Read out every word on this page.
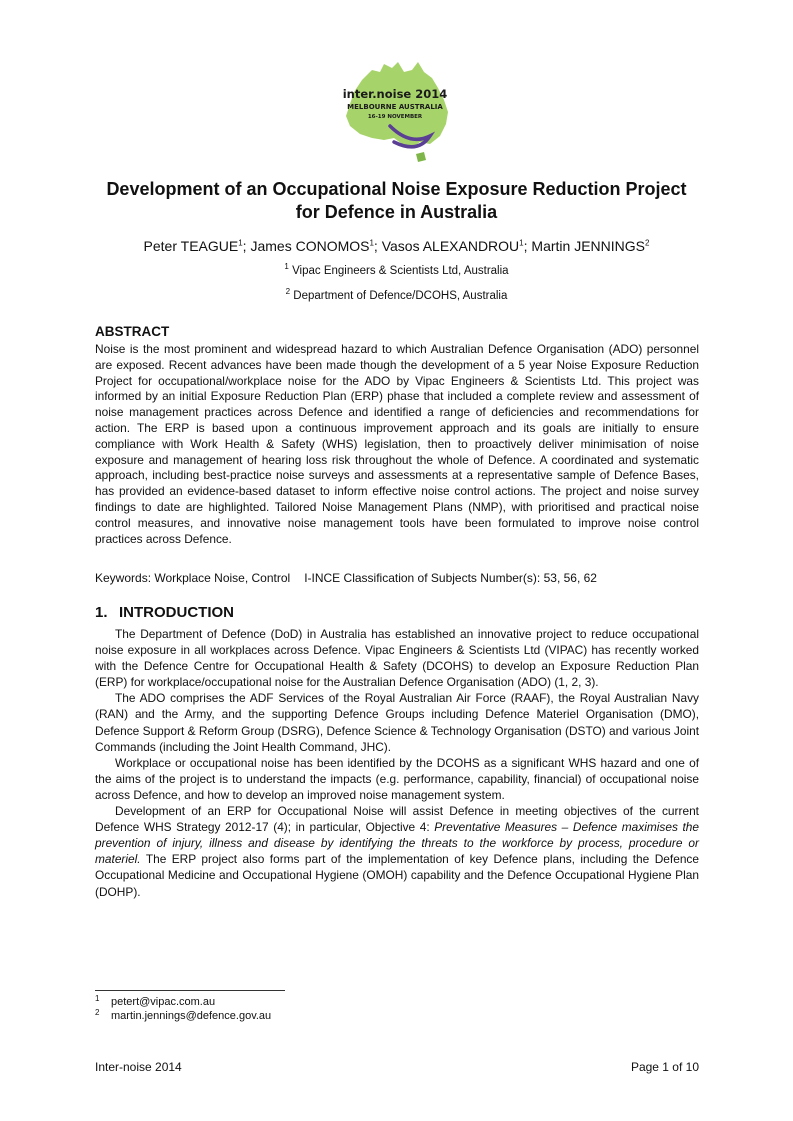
inter.noise 2014
MELBOURNE AUSTRALIA
16-19 NOVEMBER
Development of an Occupational Noise Exposure Reduction Project
for Defence in Australia
Peter TEAGUE$^1$; James CONOMOS$^1$; Vasos ALEXANDROU$^1$; Martin JENNINGS$^2$
$^1$ Vipac Engineers & Scientists Ltd, Australia
$^2$ Department of Defence/DCOHS, Australia
ABSTRACT

Noise is the most prominent and widespread hazard to which Australian Defence Organisation (ADO) personnel are exposed. Recent advances have been made though the development of a 5 year Noise Exposure Reduction Project for occupational/workplace noise for the ADO by Vipac Engineers & Scientists Ltd. This project was informed by an initial Exposure Reduction Plan (ERP) phase that included a complete review and assessment of noise management practices across Defence and identified a range of deficiencies and recommendations for action. The ERP is based upon a continuous improvement approach and its goals are initially to ensure compliance with Work Health & Safety (WHS) legislation, then to proactively deliver minimisation of noise exposure and management of hearing loss risk throughout the whole of Defence. A coordinated and systematic approach, including best-practice noise surveys and assessments at a representative sample of Defence Bases, has provided an evidence-based dataset to inform effective noise control actions. The project and noise survey findings to date are highlighted. Tailored Noise Management Plans (NMP), with prioritised and practical noise control measures, and innovative noise management tools have been formulated to improve noise control practices across Defence.

Keywords: Workplace Noise, Control I-INCE Classification of Subjects Number(s): 53, 56, 62

1. INTRODUCTION

The Department of Defence (DoD) in Australia has established an innovative project to reduce occupational noise exposure in all workplaces across Defence. Vipac Engineers & Scientists Ltd (VIPAC) has recently worked with the Defence Centre for Occupational Health & Safety (DCOHS) to develop an Exposure Reduction Plan (ERP) for workplace/occupational noise for the Australian Defence Organisation (ADO) (1, 2, 3).

The ADO comprises the ADF Services of the Royal Australian Air Force (RAAF), the Royal Australian Navy (RAN) and the Army, and the supporting Defence Groups including Defence Materiel Organisation (DMO), Defence Support & Reform Group (DSRG), Defence Science & Technology Organisation (DSTO) and various Joint Commands (including the Joint Health Command, JHC).

Workplace or occupational noise has been identified by the DCOHS as a significant WHS hazard and one of the aims of the project is to understand the impacts (e.g. performance, capability, financial) of occupational noise across Defence, and how to develop an improved noise management system.

Development of an ERP for Occupational Noise will assist Defence in meeting objectives of the current Defence WHS Strategy 2012-17 (4); in particular, Objective 4: Preventative Measures – Defence maximises the prevention of injury, illness and disease by identifying the threats to the workforce by process, procedure or materiel. The ERP project also forms part of the implementation of key Defence plans, including the Defence Occupational Medicine and Occupational Hygiene (OMOH) capability and the Defence Occupational Hygiene Plan (DOHP).

$^1$ petert@vipac.com.au
$^2$ martin.jennings@defence.gov.au
Inter-noise 2014	Page 1 of 10
